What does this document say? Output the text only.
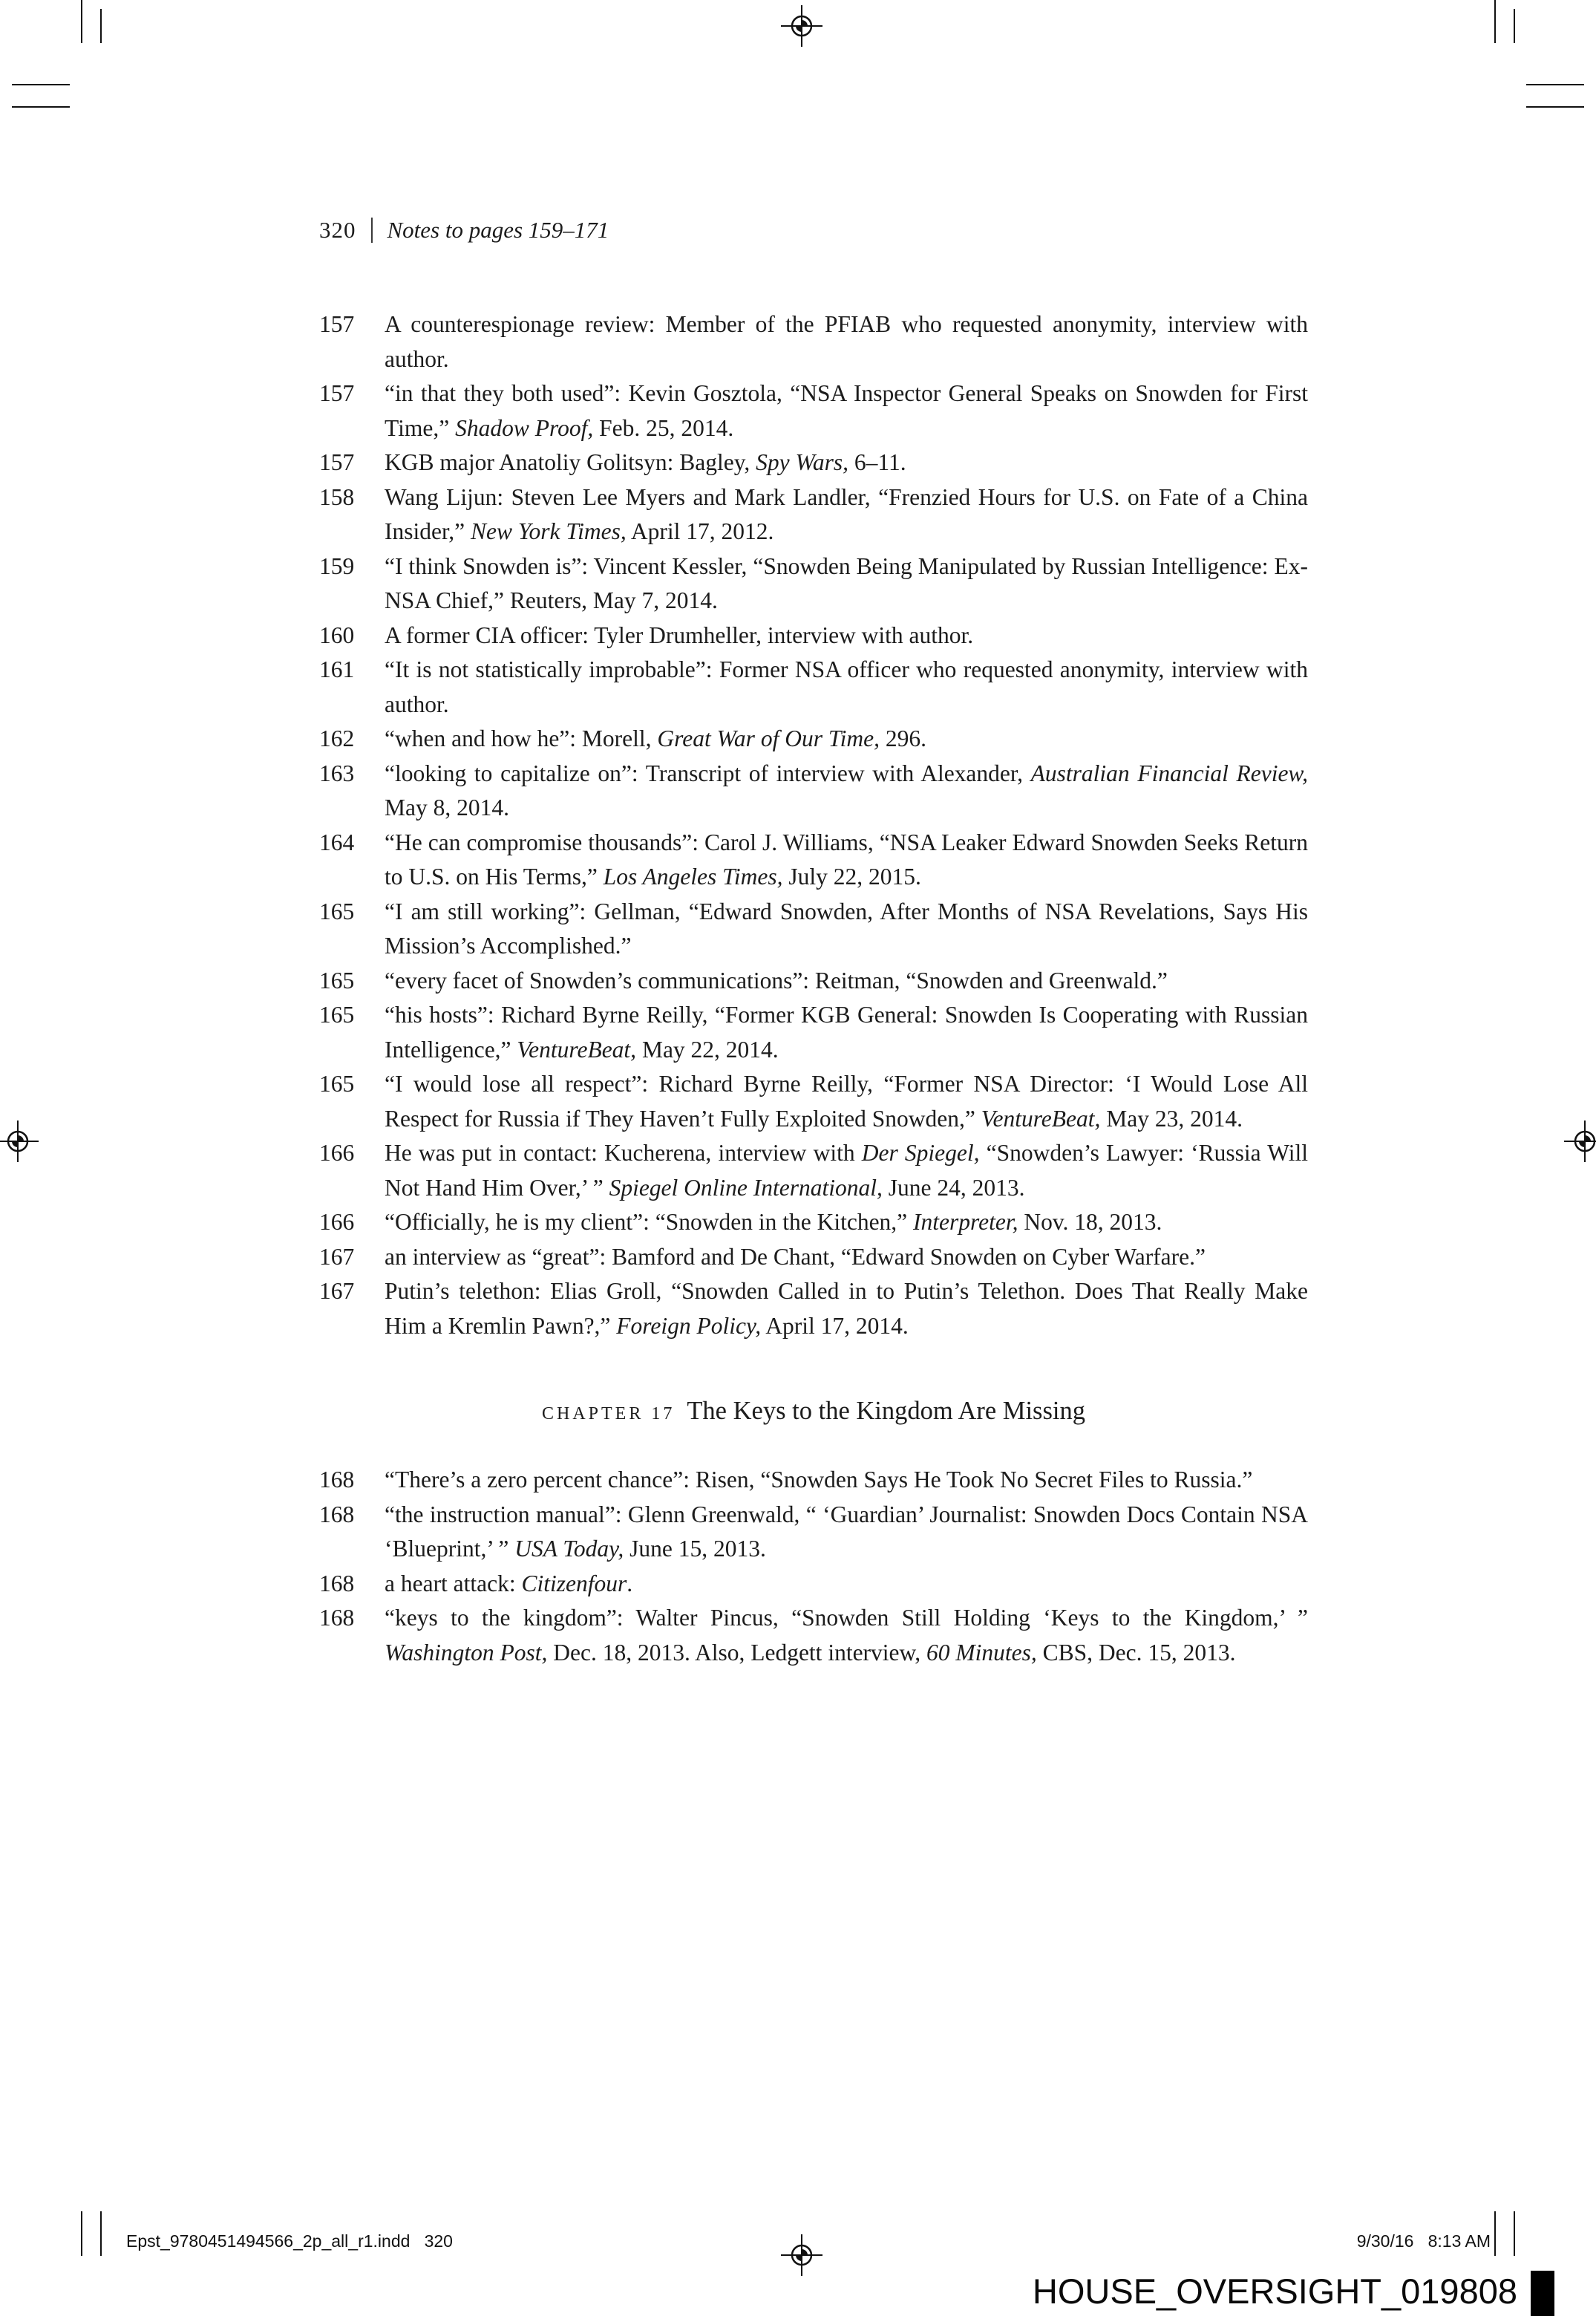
320 Notes to pages 159–171
157 A counterespionage review: Member of the PFIAB who requested anonymity, interview with author.
157 “in that they both used”: Kevin Gosztola, “NSA Inspector General Speaks on Snowden for First Time,” Shadow Proof, Feb. 25, 2014.
157 KGB major Anatoliy Golitsyn: Bagley, Spy Wars, 6–11.
158 Wang Lijun: Steven Lee Myers and Mark Landler, “Frenzied Hours for U.S. on Fate of a China Insider,” New York Times, April 17, 2012.
159 “I think Snowden is”: Vincent Kessler, “Snowden Being Manipulated by Russian Intelligence: Ex-NSA Chief,” Reuters, May 7, 2014.
160 A former CIA officer: Tyler Drumheller, interview with author.
161 “It is not statistically improbable”: Former NSA officer who requested anonymity, interview with author.
162 “when and how he”: Morell, Great War of Our Time, 296.
163 “looking to capitalize on”: Transcript of interview with Alexander, Australian Financial Review, May 8, 2014.
164 “He can compromise thousands”: Carol J. Williams, “NSA Leaker Edward Snowden Seeks Return to U.S. on His Terms,” Los Angeles Times, July 22, 2015.
165 “I am still working”: Gellman, “Edward Snowden, After Months of NSA Revelations, Says His Mission’s Accomplished.”
165 “every facet of Snowden’s communications”: Reitman, “Snowden and Greenwald.”
165 “his hosts”: Richard Byrne Reilly, “Former KGB General: Snowden Is Cooperating with Russian Intelligence,” VentureBeat, May 22, 2014.
165 “I would lose all respect”: Richard Byrne Reilly, “Former NSA Director: ‘I Would Lose All Respect for Russia if They Haven’t Fully Exploited Snowden,” VentureBeat, May 23, 2014.
166 He was put in contact: Kucherena, interview with Der Spiegel, “Snowden’s Lawyer: ‘Russia Will Not Hand Him Over,’ ” Spiegel Online International, June 24, 2013.
166 “Officially, he is my client”: “Snowden in the Kitchen,” Interpreter, Nov. 18, 2013.
167 an interview as “great”: Bamford and De Chant, “Edward Snowden on Cyber Warfare.”
167 Putin’s telethon: Elias Groll, “Snowden Called in to Putin’s Telethon. Does That Really Make Him a Kremlin Pawn?,” Foreign Policy, April 17, 2014.
CHAPTER 17 The Keys to the Kingdom Are Missing
168 “There’s a zero percent chance”: Risen, “Snowden Says He Took No Secret Files to Russia.”
168 “the instruction manual”: Glenn Greenwald, “ ‘Guardian’ Journalist: Snowden Docs Contain NSA ‘Blueprint,’ ” USA Today, June 15, 2013.
168 a heart attack: Citizenfour.
168 “keys to the kingdom”: Walter Pincus, “Snowden Still Holding ‘Keys to the Kingdom,’ ” Washington Post, Dec. 18, 2013. Also, Ledgett interview, 60 Minutes, CBS, Dec. 15, 2013.
Epst_9780451494566_2p_all_r1.indd   320	9/30/16   8:13 AM
HOUSE_OVERSIGHT_019808
